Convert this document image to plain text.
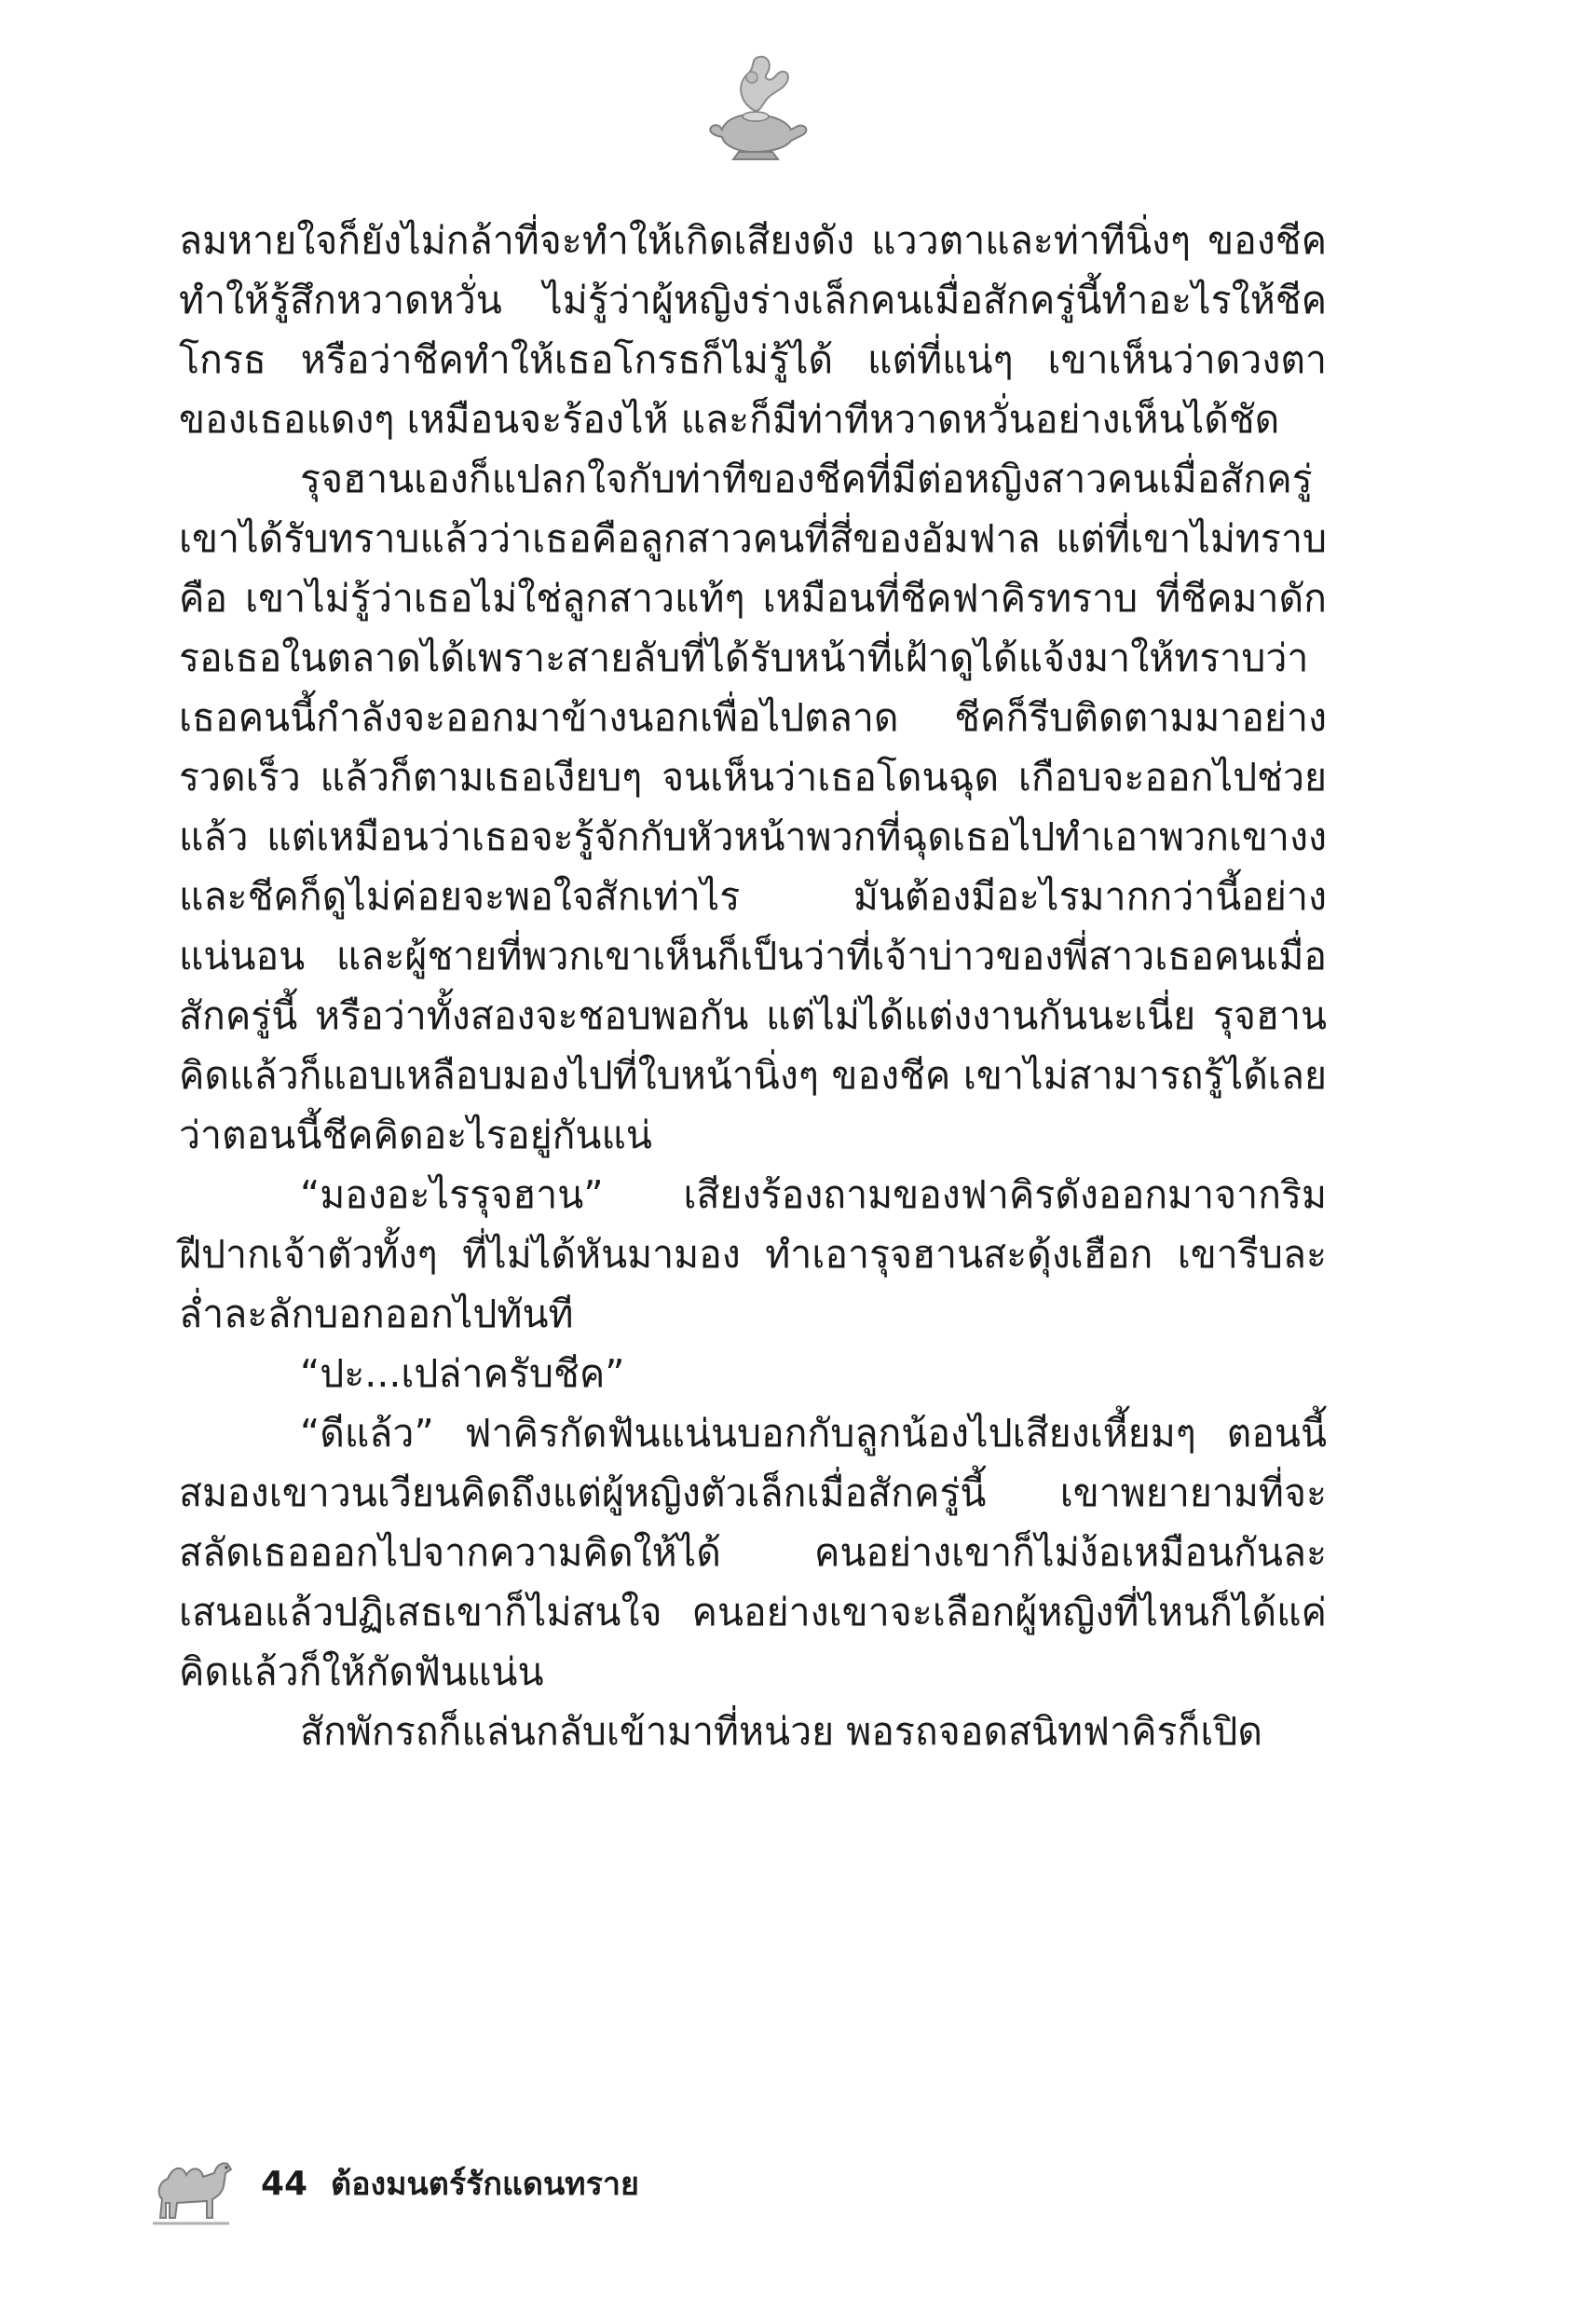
ลมหายใจก็ยังไม่กล้าที่จะทำให้เกิดเสียงดัง แววตาและท่าทีนิ่งๆ ของชีคทำให้รู้สึกหวาดหวั่น ไม่รู้ว่าผู้หญิงร่างเล็กคนเมื่อสักครู่นี้ทำอะไรให้ชีคโกรธ หรือว่าชีคทำให้เธอโกรธก็ไม่รู้ได้ แต่ที่แน่ๆ เขาเห็นว่าดวงตาของเธอแดงๆ เหมือนจะร้องไห้ และก็มีท่าทีหวาดหวั่นอย่างเห็นได้ชัด

รุจฮานเองก็แปลกใจกับท่าทีของชีคที่มีต่อหญิงสาวคนเมื่อสักครู่ เขาได้รับทราบแล้วว่าเธอคือลูกสาวคนที่สี่ของอัมฟาล แต่ที่เขาไม่ทราบคือ เขาไม่รู้ว่าเธอไม่ใช่ลูกสาวแท้ๆ เหมือนที่ชีคฟาคิรทราบ ที่ชีคมาดักรอเธอในตลาดได้เพราะสายลับที่ได้รับหน้าที่เฝ้าดูได้แจ้งมาให้ทราบว่าเธอคนนี้กำลังจะออกมาข้างนอกเพื่อไปตลาด ชีคก็รีบติดตามมาอย่างรวดเร็ว แล้วก็ตามเธอเงียบๆ จนเห็นว่าเธอโดนฉุด เกือบจะออกไปช่วยแล้ว แต่เหมือนว่าเธอจะรู้จักกับหัวหน้าพวกที่ฉุดเธอไปทำเอาพวกเขางง และชีคก็ดูไม่ค่อยจะพอใจสักเท่าไร มันต้องมีอะไรมากกว่านี้อย่างแน่นอน และผู้ชายที่พวกเขาเห็นก็เป็นว่าที่เจ้าบ่าวของพี่สาวเธอคนเมื่อสักครู่นี้ หรือว่าทั้งสองจะชอบพอกัน แต่ไม่ได้แต่งงานกันนะเนี่ย รุจฮานคิดแล้วก็แอบเหลือบมองไปที่ใบหน้านิ่งๆ ของชีค เขาไม่สามารถรู้ได้เลยว่าตอนนี้ชีคคิดอะไรอยู่กันแน่

“มองอะไรรุจฮาน” เสียงร้องถามของฟาคิรดังออกมาจากริมฝีปากเจ้าตัวทั้งๆ ที่ไม่ได้หันมามอง ทำเอารุจฮานสะดุ้งเฮือก เขารีบละล่ำละลักบอกออกไปทันที

“ปะ...เปล่าครับชีค”

“ดีแล้ว” ฟาคิรกัดฟันแน่นบอกกับลูกน้องไปเสียงเหี้ยมๆ ตอนนี้สมองเขาวนเวียนคิดถึงแต่ผู้หญิงตัวเล็กเมื่อสักครู่นี้ เขาพยายามที่จะสลัดเธอออกไปจากความคิดให้ได้ คนอย่างเขาก็ไม่ง้อเหมือนกันละเสนอแล้วปฏิเสธเขาก็ไม่สนใจ คนอย่างเขาจะเลือกผู้หญิงที่ไหนก็ได้แค่คิดแล้วก็ให้กัดฟันแน่น

สักพักรถก็แล่นกลับเข้ามาที่หน่วย พอรถจอดสนิทฟาคิรก็เปิด

44 ต้องมนตร์รักแดนทราย
